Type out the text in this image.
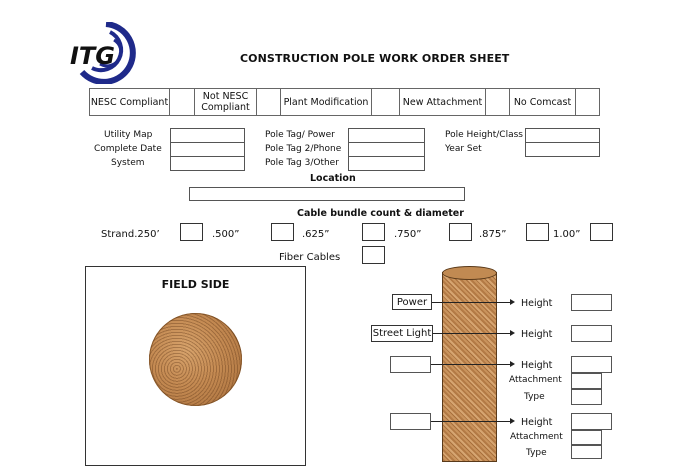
ITG	CONSTRUCTION POLE WORK ORDER SHEET
NESC Compliant	Not NESC Compliant	Plant Modification	New Attachment	No Comcast
Utility Map
Complete Date
System
Pole Tag/ Power
Pole Tag 2/Phone
Pole Tag 3/Other
Pole Height/Class
Year Set
Location
Cable bundle count & diameter
Strand.250’	.500”	.625”	.750”	.875”	1.00”
Fiber Cables
FIELD SIDE
Power	Height
Street Light	Height
Height
Attachment
Type
Height
Attachment
Type
